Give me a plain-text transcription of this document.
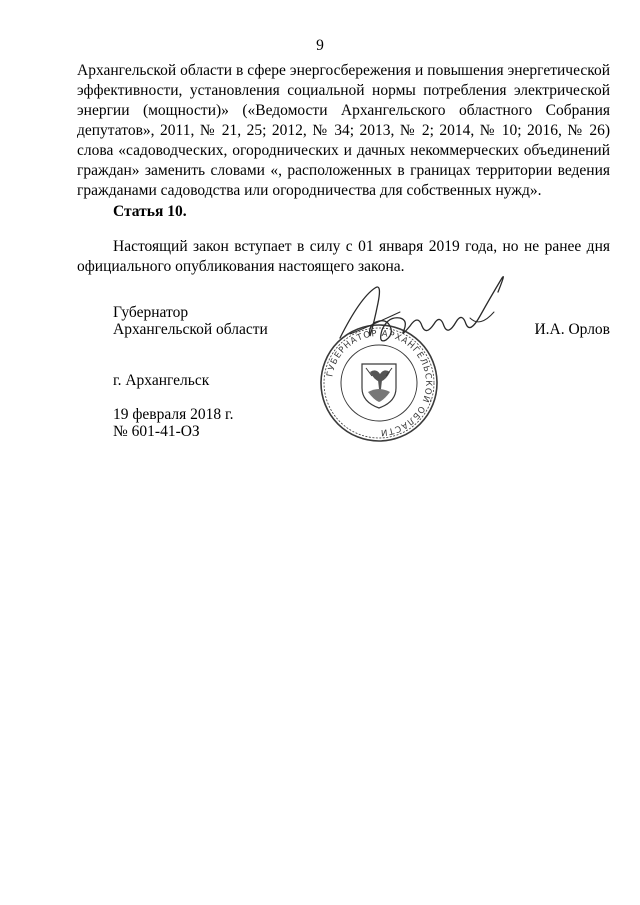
9

Архангельской области в сфере энергосбережения и повышения энергетической эффективности, установления социальной нормы потребления электрической энергии (мощности)» («Ведомости Архангельского областного Собрания депутатов», 2011, № 21, 25; 2012, № 34; 2013, № 2; 2014, № 10; 2016, № 26) слова «садоводческих, огороднических и дачных некоммерческих объединений граждан» заменить словами «, расположенных в границах территории ведения гражданами садоводства или огородничества для собственных нужд».

Статья 10.

Настоящий закон вступает в силу с 01 января 2019 года, но не ранее дня официального опубликования настоящего закона.

Губернатор
Архангельской области	И.А. Орлов
ГУБЕРНАТОР АРХАНГЕЛЬСКОЙ ОБЛАСТИ
г. Архангельск
19 февраля 2018 г.
№ 601-41-ОЗ
